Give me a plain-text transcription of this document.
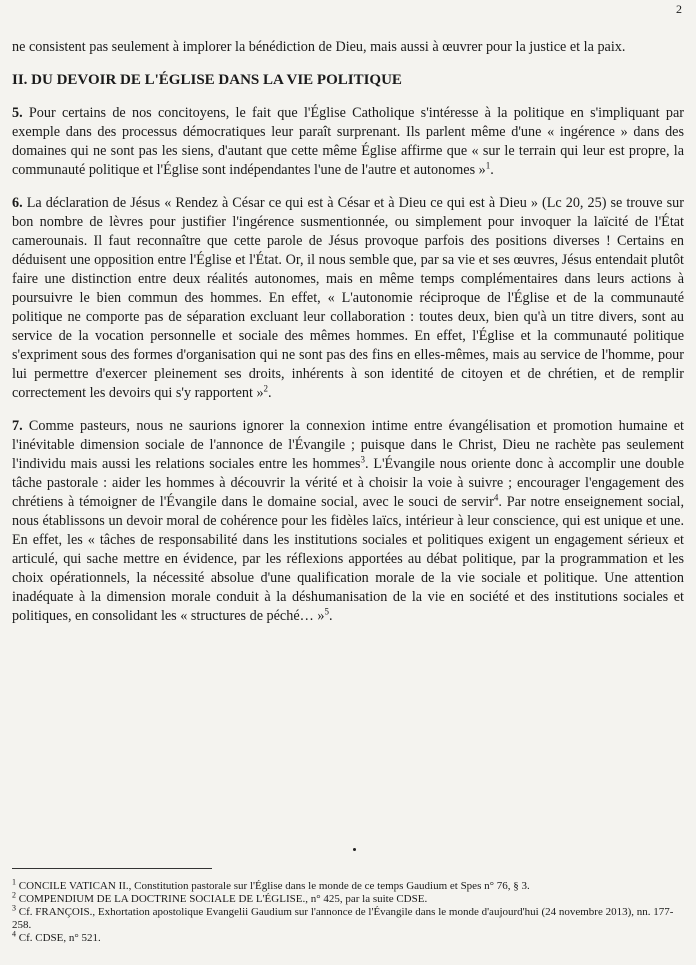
2

ne consistent pas seulement à implorer la bénédiction de Dieu, mais aussi à œuvrer pour la justice et la paix.

II. DU DEVOIR DE L'ÉGLISE DANS LA VIE POLITIQUE

5. Pour certains de nos concitoyens, le fait que l'Église Catholique s'intéresse à la politique en s'impliquant par exemple dans des processus démocratiques leur paraît surprenant. Ils parlent même d'une « ingérence » dans des domaines qui ne sont pas les siens, d'autant que cette même Église affirme que « sur le terrain qui leur est propre, la communauté politique et l'Église sont indépendantes l'une de l'autre et autonomes »$^1$.

6. La déclaration de Jésus « Rendez à César ce qui est à César et à Dieu ce qui est à Dieu » (Lc 20, 25) se trouve sur bon nombre de lèvres pour justifier l'ingérence susmentionnée, ou simplement pour invoquer la laïcité de l'État camerounais. Il faut reconnaître que cette parole de Jésus provoque parfois des positions diverses ! Certains en déduisent une opposition entre l'Église et l'État. Or, il nous semble que, par sa vie et ses œuvres, Jésus entendait plutôt faire une distinction entre deux réalités autonomes, mais en même temps complémentaires dans leurs actions à poursuivre le bien commun des hommes. En effet, « L'autonomie réciproque de l'Église et de la communauté politique ne comporte pas de séparation excluant leur collaboration : toutes deux, bien qu'à un titre divers, sont au service de la vocation personnelle et sociale des mêmes hommes. En effet, l'Église et la communauté politique s'expriment sous des formes d'organisation qui ne sont pas des fins en elles-mêmes, mais au service de l'homme, pour lui permettre d'exercer pleinement ses droits, inhérents à son identité de citoyen et de chrétien, et de remplir correctement les devoirs qui s'y rapportent »$^2$.

7. Comme pasteurs, nous ne saurions ignorer la connexion intime entre évangélisation et promotion humaine et l'inévitable dimension sociale de l'annonce de l'Évangile ; puisque dans le Christ, Dieu ne rachète pas seulement l'individu mais aussi les relations sociales entre les hommes$^3$. L'Évangile nous oriente donc à accomplir une double tâche pastorale : aider les hommes à découvrir la vérité et à choisir la voie à suivre ; encourager l'engagement des chrétiens à témoigner de l'Évangile dans le domaine social, avec le souci de servir$^4$. Par notre enseignement social, nous établissons un devoir moral de cohérence pour les fidèles laïcs, intérieur à leur conscience, qui est unique et une. En effet, les « tâches de responsabilité dans les institutions sociales et politiques exigent un engagement sérieux et articulé, qui sache mettre en évidence, par les réflexions apportées au débat politique, par la programmation et les choix opérationnels, la nécessité absolue d'une qualification morale de la vie sociale et politique. Une attention inadéquate à la dimension morale conduit à la déshumanisation de la vie en société et des institutions sociales et politiques, en consolidant les « structures de péché… »$^5$.

$^1$ CONCILE VATICAN II., Constitution pastorale sur l'Église dans le monde de ce temps Gaudium et Spes n° 76, § 3.
$^2$ COMPENDIUM DE LA DOCTRINE SOCIALE DE L'ÉGLISE., n° 425, par la suite CDSE.
$^3$ Cf. FRANÇOIS., Exhortation apostolique Evangelii Gaudium sur l'annonce de l'Évangile dans le monde d'aujourd'hui (24 novembre 2013), nn. 177-258.
$^4$ Cf. CDSE, n° 521.
